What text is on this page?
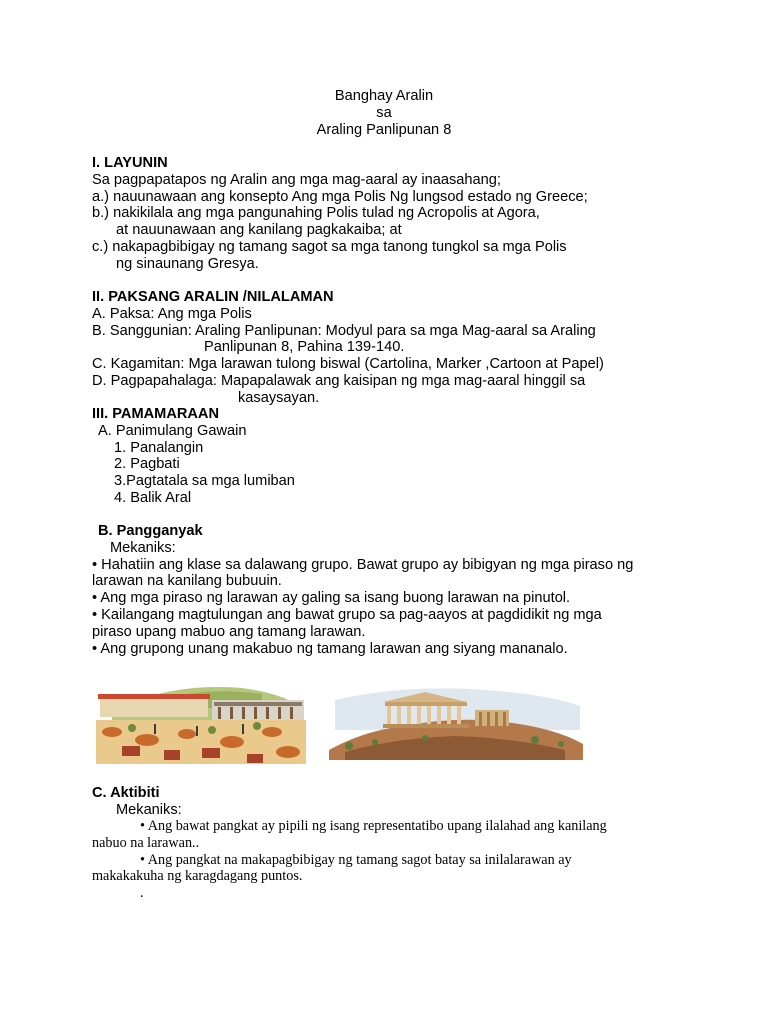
Banghay Aralin
sa
Araling Panlipunan 8
I. LAYUNIN
Sa pagpapatapos ng Aralin ang mga mag-aaral ay inaasahang;
a.) nauunawaan ang konsepto Ang mga Polis Ng lungsod estado ng Greece;
b.) nakikilala ang mga pangunahing Polis tulad ng Acropolis at Agora,
at nauunawaan ang kanilang pagkakaiba; at
c.) nakapagbibigay ng tamang sagot sa mga tanong tungkol sa mga Polis
ng sinaunang Gresya.
II. PAKSANG ARALIN /NILALAMAN
A. Paksa: Ang mga Polis
B. Sanggunian: Araling Panlipunan: Modyul para sa mga Mag-aaral sa Araling
Panlipunan 8, Pahina 139-140.
C. Kagamitan: Mga larawan tulong biswal (Cartolina, Marker ,Cartoon at Papel)
D. Pagpapahalaga: Mapapalawak ang kaisipan ng mga mag-aaral hinggil sa
kasaysayan.
III. PAMAMARAAN
A. Panimulang Gawain
1. Panalangin
2. Pagbati
3.Pagtatala sa mga lumiban
4. Balik Aral
B. Pangganyak
Mekaniks:
• Hahatiin ang klase sa dalawang grupo. Bawat grupo ay bibigyan ng mga piraso ng
larawan na kanilang bubuuin.
• Ang mga piraso ng larawan ay galing sa isang buong larawan na pinutol.
• Kailangang magtulungan ang bawat grupo sa pag-aayos at pagdidikit ng mga
piraso upang mabuo ang tamang larawan.
• Ang grupong unang makabuo ng tamang larawan ang siyang mananalo.
C. Aktibiti
Mekaniks:
• Ang bawat pangkat ay pipili ng isang representatibo upang ilalahad ang kanilang
nabuo na larawan..
• Ang pangkat na makapagbibigay ng tamang sagot batay sa inilalarawan ay
makakakuha ng karagdagang puntos.
.
